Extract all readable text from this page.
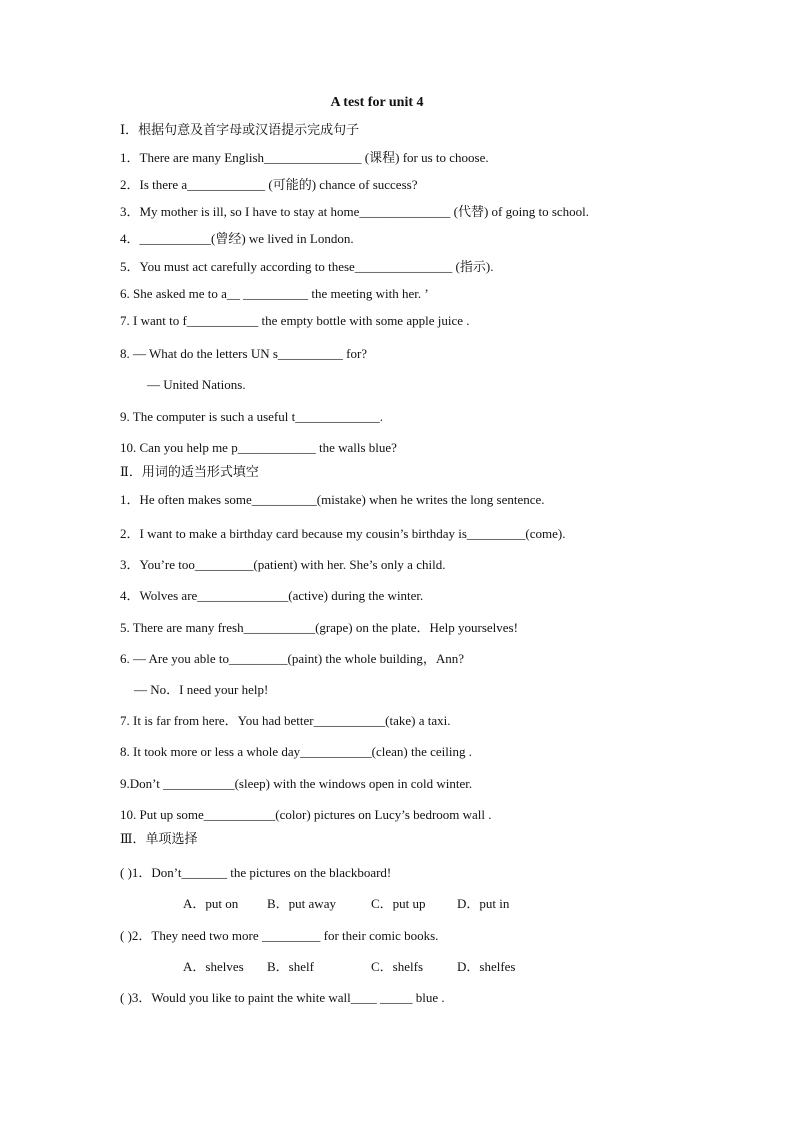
A test for unit 4
Ⅰ．根据句意及首字母或汉语提示完成句子
1．There are many English_______________ (课程) for us to choose.
2．Is there a____________ (可能的) chance of success?
3．My mother is ill, so I have to stay at home______________ (代替) of going to school.
4．___________(曾经) we lived in London.
5．You must act carefully according to these_______________ (指示).
6. She asked me to a__ __________ the meeting with her. ’
7. I want to f___________ the empty bottle with some apple juice .
8. — What do the letters UN s__________ for?
— United Nations.
9. The computer is such a useful t_____________.
10. Can you help me p____________ the walls blue?
Ⅱ．用词的适当形式填空
1．He often makes some__________(mistake) when he writes the long sentence.
2．I want to make a birthday card because my cousin’s birthday is_________(come).
3．You’re too_________(patient) with her. She’s only a child.
4．Wolves are______________(active) during the winter.
5. There are many fresh___________(grape) on the plate．Help yourselves!
6. — Are you able to_________(paint) the whole building，Ann?
— No．I need your help!
7. It is far from here．You had better___________(take) a taxi.
8. It took more or less a whole day___________(clean) the ceiling .
9.Don’t ___________(sleep) with the windows open in cold winter.
10. Put up some___________(color) pictures on Lucy’s bedroom wall .
Ⅲ．单项选择
( )1．Don’t_______ the pictures on the blackboard!
A．put on B．put away	C．put up D．put in
( )2．They need two more _________ for their comic books.
A．shelves B．shelf	C．shelfs	D．shelfes
( )3．Would you like to paint the white wall____ _____ blue .
